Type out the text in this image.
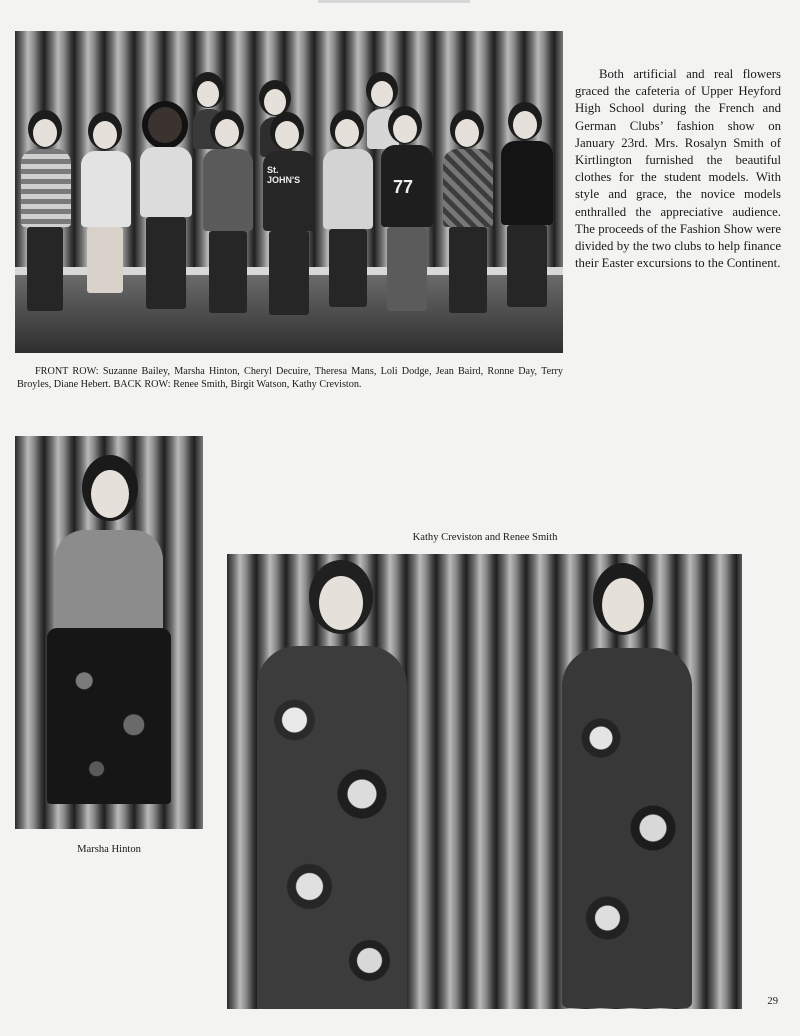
St. JOHN'S	77

Both artificial and real flowers graced the cafeteria of Upper Heyford High School during the French and German Clubs’ fashion show on January 23rd. Mrs. Rosalyn Smith of Kirtlington furnished the beautiful clothes for the student models. With style and grace, the novice models enthralled the appreciative audience. The proceeds of the Fashion Show were divided by the two clubs to help finance their Easter excursions to the Continent.

FRONT ROW: Suzanne Bailey, Marsha Hinton, Cheryl Decuire, Theresa Mans, Loli Dodge, Jean Baird, Ronne Day, Terry Broyles, Diane Hebert. BACK ROW: Renee Smith, Birgit Watson, Kathy Creviston.

Marsha Hinton
Kathy Creviston and Renee Smith
29
